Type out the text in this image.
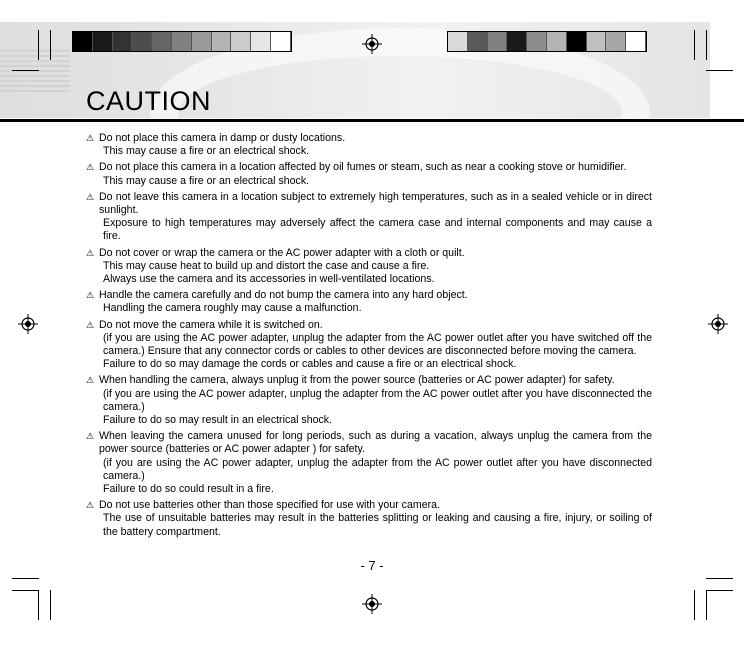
CAUTION
⚠ Do not place this camera in damp or dusty locations.
This may cause a fire or an electrical shock.
⚠ Do not place this camera in a location affected by oil fumes or steam, such as near a cooking stove or humidifier.
This may cause a fire or an electrical shock.
⚠ Do not leave this camera in a location subject to extremely high temperatures, such as in a sealed vehicle or in direct sunlight.
Exposure to high temperatures may adversely affect the camera case and internal components and may cause a fire.
⚠ Do not cover or wrap the camera or the AC power adapter with a cloth or quilt.
This may cause heat to build up and distort the case and cause a fire.
Always use the camera and its accessories in well-ventilated locations.
⚠ Handle the camera carefully and do not bump the camera into any hard object.
Handling the camera roughly may cause a malfunction.
⚠ Do not move the camera while it is switched on.
(if you are using the AC power adapter, unplug the adapter from the AC power outlet after you have switched off the camera.) Ensure that any connector cords or cables to other devices are disconnected before moving the camera.
Failure to do so may damage the cords or cables and cause a fire or an electrical shock.
⚠ When handling the camera, always unplug it from the power source (batteries or AC power adapter) for safety.
(if you are using the AC power adapter, unplug the adapter from the AC power outlet after you have disconnected the camera.)
Failure to do so may result in an electrical shock.
⚠ When leaving the camera unused for long periods, such as during a vacation, always unplug the camera from the power source (batteries or AC power adapter ) for safety.
(if you are using the AC power adapter, unplug the adapter from the AC power outlet after you have disconnected camera.)
Failure to do so could result in a fire.
⚠ Do not use batteries other than those specified for use with your camera.
The use of unsuitable batteries may result in the batteries splitting or leaking and causing a fire, injury, or soiling of the battery compartment.
- 7 -
